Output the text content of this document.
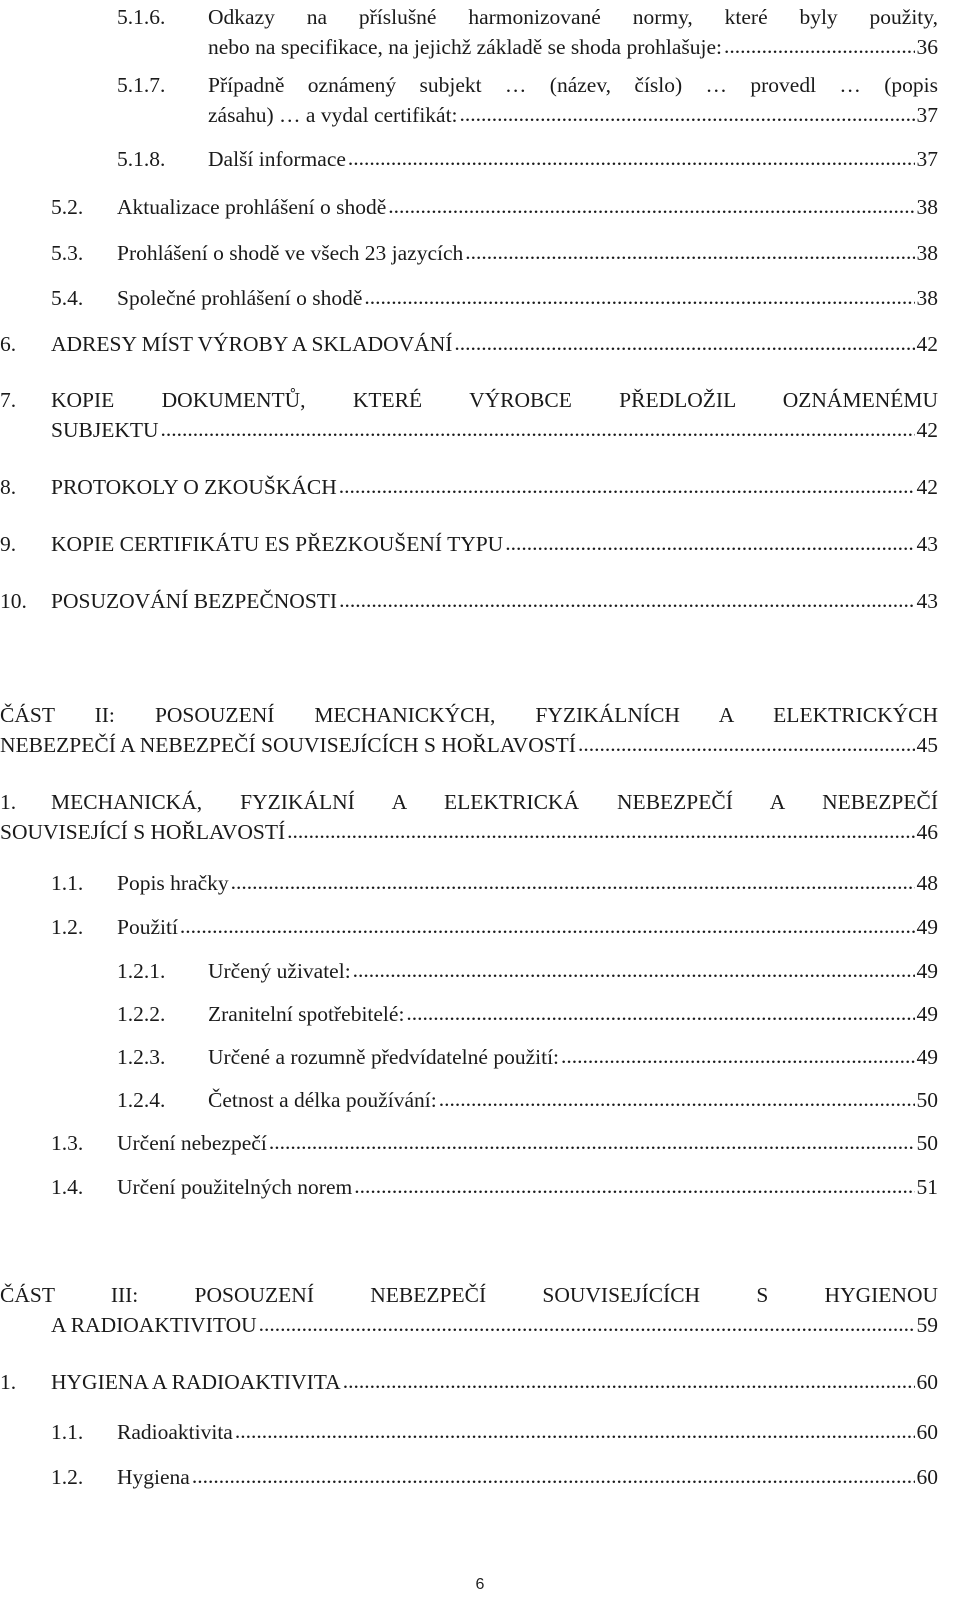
5.1.6. Odkazy na příslušné harmonizované normy, které byly použity,
nebo na specifikace, na jejichž základě se shoda prohlašuje: .....	36
5.1.7. Případně oznámený subjekt … (název, číslo) … provedl … (popis
zásahu) … a vydal certifikát: .....	37
5.1.8. Další informace .....	37
5.2. Aktualizace prohlášení o shodě .....	38
5.3. Prohlášení o shodě ve všech 23 jazycích .....	38
5.4. Společné prohlášení o shodě .....	38
6. ADRESY MÍST VÝROBY A SKLADOVÁNÍ .....	42
7. KOPIE DOKUMENTŮ, KTERÉ VÝROBCE PŘEDLOŽIL OZNÁMENÉMU
SUBJEKTU .....	42
8. PROTOKOLY O ZKOUŠKÁCH .....	42
9. KOPIE CERTIFIKÁTU ES PŘEZKOUŠENÍ TYPU .....	43
10. POSUZOVÁNÍ BEZPEČNOSTI .....	43
ČÁST II: POSOUZENÍ MECHANICKÝCH, FYZIKÁLNÍCH A ELEKTRICKÝCH
NEBEZPEČÍ A NEBEZPEČÍ SOUVISEJÍCÍCH S HOŘLAVOSTÍ .....	45
1. MECHANICKÁ, FYZIKÁLNÍ A ELEKTRICKÁ NEBEZPEČÍ A NEBEZPEČÍ
SOUVISEJÍCÍ S HOŘLAVOSTÍ .....	46
1.1. Popis hračky .....	48
1.2. Použití .....	49
1.2.1. Určený uživatel: .....	49
1.2.2. Zranitelní spotřebitelé: .....	49
1.2.3. Určené a rozumně předvídatelné použití: .....	49
1.2.4. Četnost a délka používání: .....	50
1.3. Určení nebezpečí .....	50
1.4. Určení použitelných norem .....	51
ČÁST III: POSOUZENÍ NEBEZPEČÍ SOUVISEJÍCÍCH S HYGIENOU
A RADIOAKTIVITOU .....	59
1. HYGIENA A RADIOAKTIVITA .....	60
1.1. Radioaktivita .....	60
1.2. Hygiena .....	60
6
